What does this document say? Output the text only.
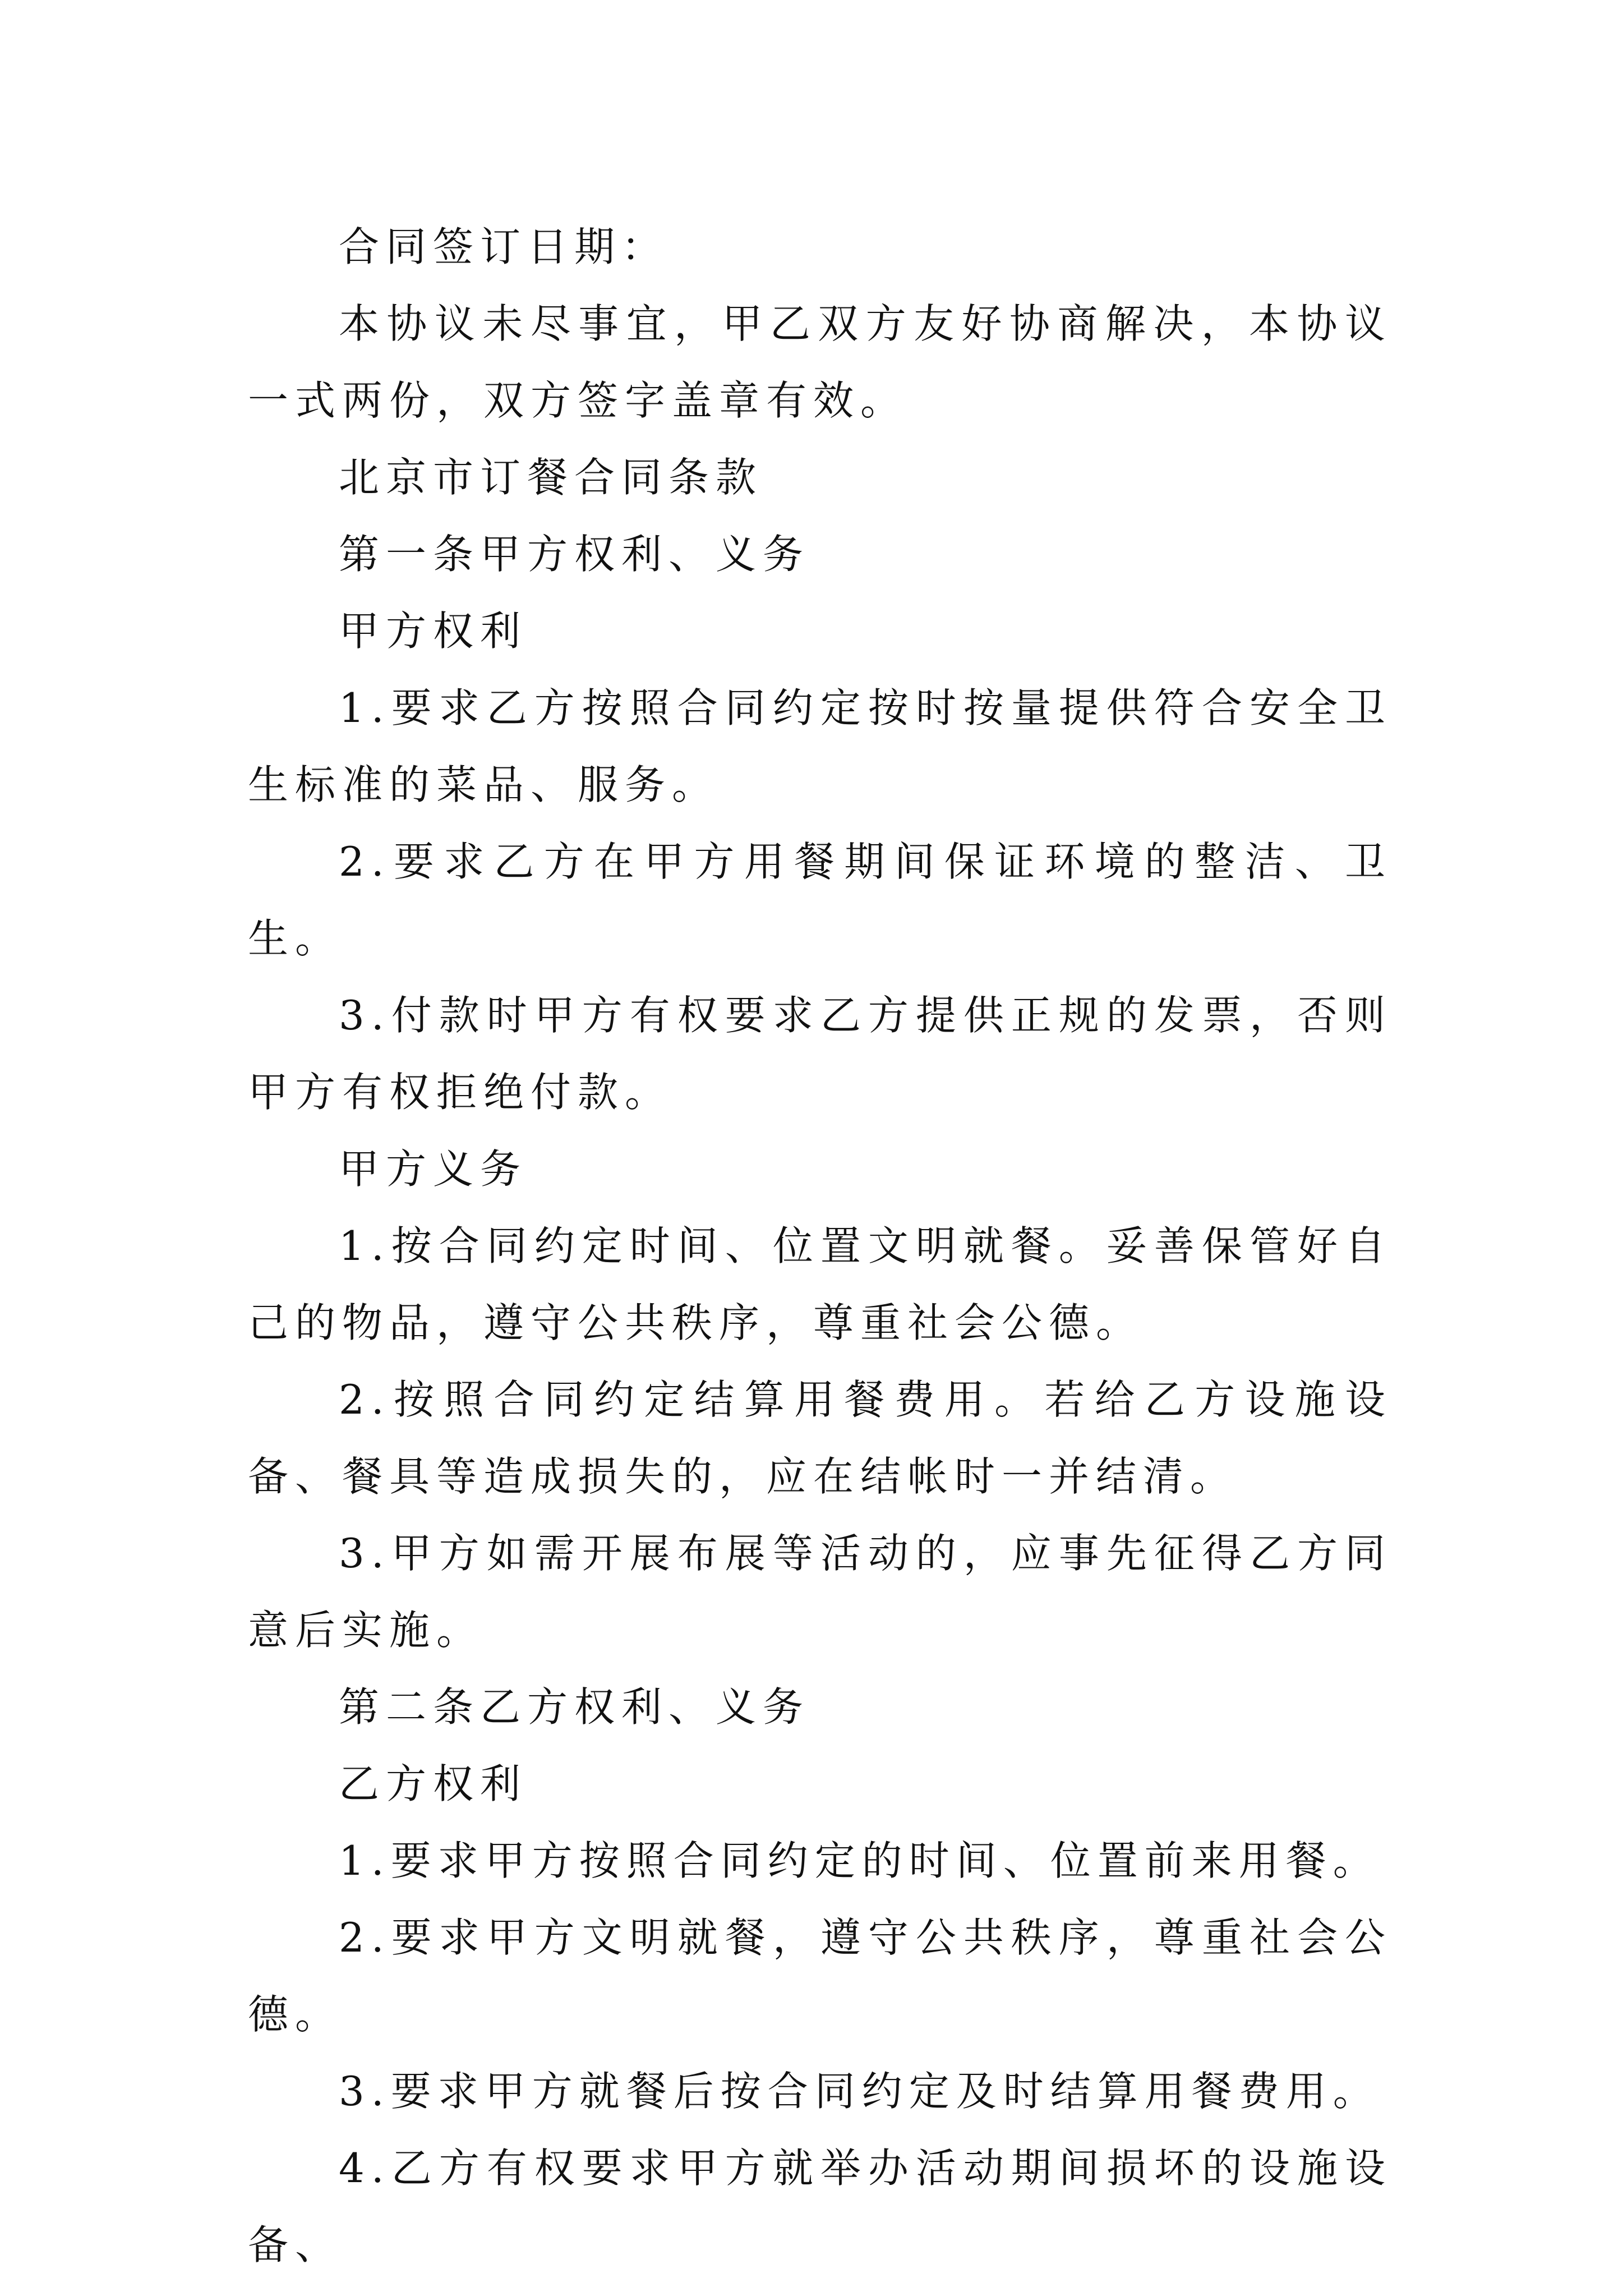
合同签订日期：

本协议未尽事宜，甲乙双方友好协商解决，本协议一式两份，双方签字盖章有效。

北京市订餐合同条款

第一条甲方权利、义务

甲方权利

1.要求乙方按照合同约定按时按量提供符合安全卫生标准的菜品、服务。

2.要求乙方在甲方用餐期间保证环境的整洁、卫生。

3.付款时甲方有权要求乙方提供正规的发票，否则甲方有权拒绝付款。

甲方义务

1.按合同约定时间、位置文明就餐。妥善保管好自己的物品，遵守公共秩序，尊重社会公德。

2.按照合同约定结算用餐费用。若给乙方设施设备、餐具等造成损失的，应在结帐时一并结清。

3.甲方如需开展布展等活动的，应事先征得乙方同意后实施。

第二条乙方权利、义务

乙方权利

1.要求甲方按照合同约定的时间、位置前来用餐。

2.要求甲方文明就餐，遵守公共秩序，尊重社会公德。

3.要求甲方就餐后按合同约定及时结算用餐费用。

4.乙方有权要求甲方就举办活动期间损坏的设施设备、
